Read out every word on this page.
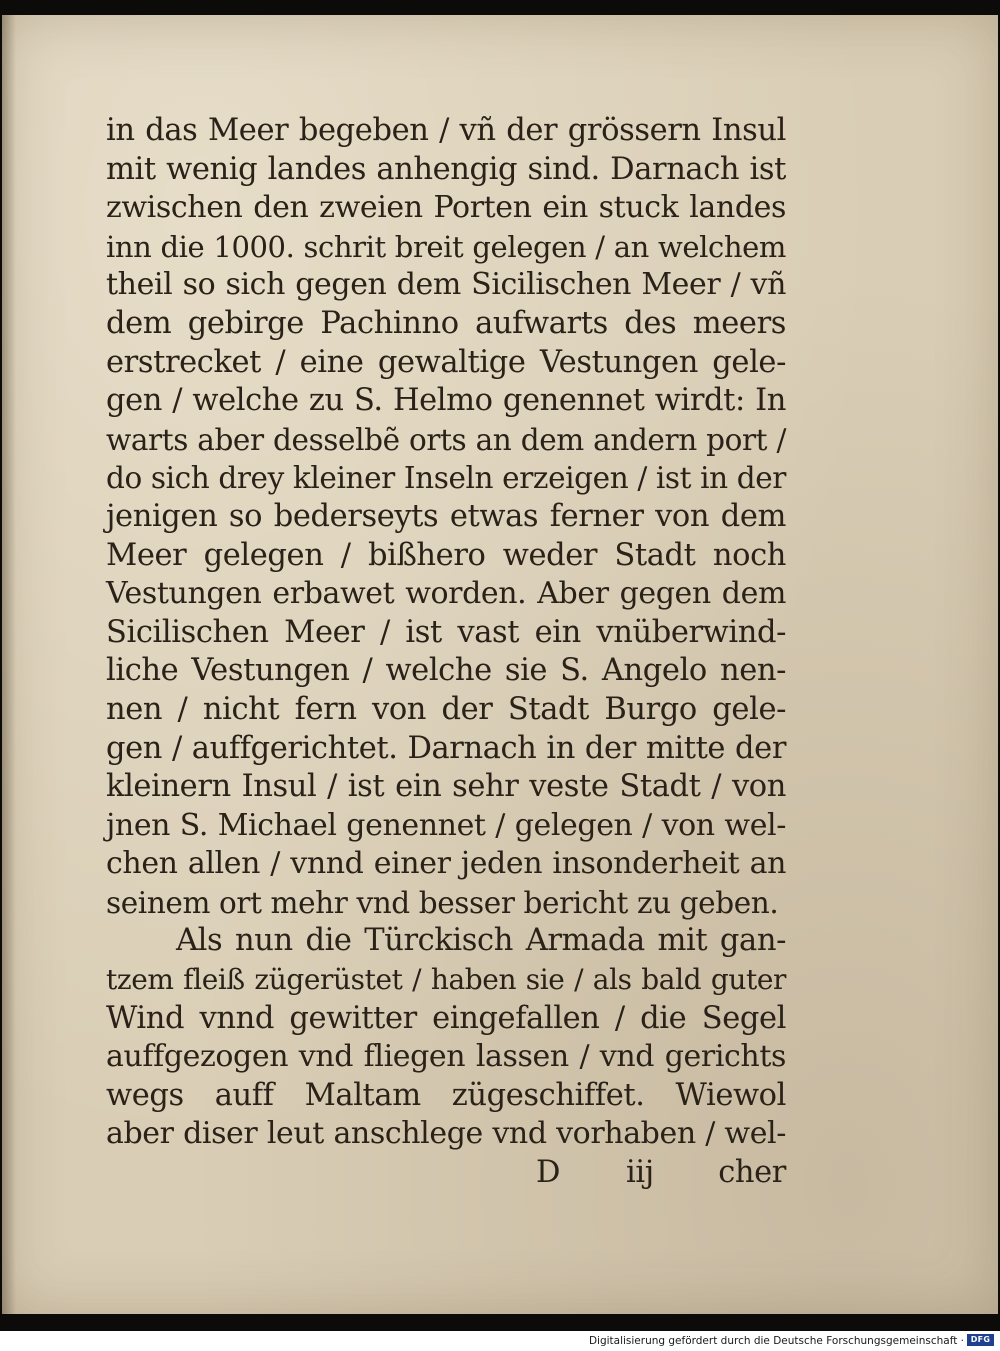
in das Meer begeben / vñ der grössern Insul
mit wenig landes anhengig sind. Darnach ist
zwischen den zweien Porten ein stuck landes
inn die 1000. schrit breit gelegen / an welchem
theil so sich gegen dem Sicilischen Meer / vñ
dem gebirge Pachinno aufwarts des meers
erstrecket / eine gewaltige Vestungen gele-
gen / welche zu S. Helmo genennet wirdt: In
warts aber desselbẽ orts an dem andern port /
do sich drey kleiner Inseln erzeigen / ist in der
jenigen so bederseyts etwas ferner von dem
Meer gelegen / bißhero weder Stadt noch
Vestungen erbawet worden. Aber gegen dem
Sicilischen Meer / ist vast ein vnüberwind-
liche Vestungen / welche sie S. Angelo nen-
nen / nicht fern von der Stadt Burgo gele-
gen / auffgerichtet. Darnach in der mitte der
kleinern Insul / ist ein sehr veste Stadt / von
jnen S. Michael genennet / gelegen / von wel-
chen allen / vnnd einer jeden insonderheit an
seinem ort mehr vnd besser bericht zu geben.
Als nun die Türckisch Armada mit gan-
tzem fleiß zügerüstet / haben sie / als bald guter
Wind vnnd gewitter eingefallen / die Segel
auffgezogen vnd fliegen lassen / vnd gerichts
wegs auff Maltam zügeschiffet. Wiewol
aber diser leut anschlege vnd vorhaben / wel-
D iij cher
Digitalisierung gefördert durch die Deutsche Forschungsgemeinschaft · DFG
